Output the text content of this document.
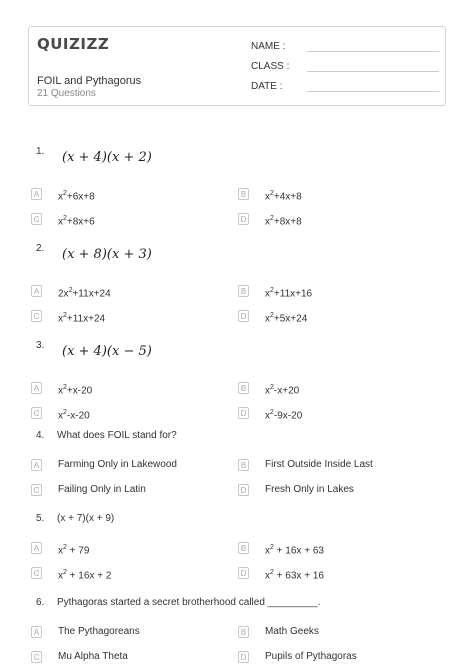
QUIZIZZ
FOIL and Pythagorus
21 Questions
NAME :
CLASS :
DATE :
1. (x + 4)(x + 2)
A $x^2+6x+8$	B $x^2+4x+8$
C $x^2+8x+6$	D $x^2+8x+8$
2. (x + 8)(x + 3)
A $2x^2+11x+24$	B $x^2+11x+16$
C $x^2+11x+24$	D $x^2+5x+24$
3. (x + 4)(x − 5)
A $x^2+x-20$	B $x^2-x+20$
C $x^2-x-20$	D $x^2-9x-20$
4. What does FOIL stand for?
A Farming Only in Lakewood	B First Outside Inside Last
C Failing Only in Latin	D Fresh Only in Lakes
5. (x + 7)(x + 9)
A $x^2 + 79$	B $x^2 + 16x + 63$
C $x^2 + 16x + 2$	D $x^2 + 63x + 16$
6. Pythagoras started a secret brotherhood called _________.
A The Pythagoreans	B Math Geeks
C Mu Alpha Theta	D Pupils of Pythagoras
